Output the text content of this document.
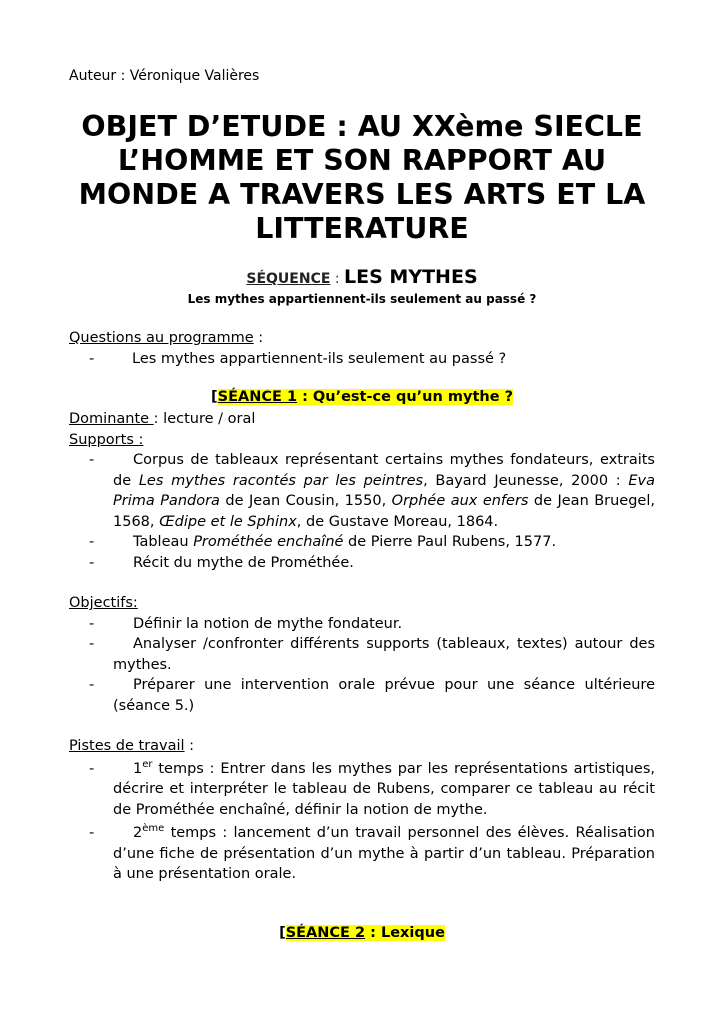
Auteur : Véronique Valières
OBJET D’ETUDE : AU XXème SIECLE
L’HOMME ET SON RAPPORT AU
MONDE A TRAVERS LES ARTS ET LA
LITTERATURE
SÉQUENCE : LES MYTHES
Les mythes appartiennent-ils seulement au passé ?
Questions au programme :
-	Les mythes appartiennent-ils seulement au passé ?
[SÉANCE 1 : Qu’est-ce qu’un mythe ?
Dominante : lecture / oral
Supports :
-	Corpus de tableaux représentant certains mythes fondateurs, extraits de Les mythes racontés par les peintres, Bayard Jeunesse, 2000 : Eva Prima Pandora de Jean Cousin, 1550, Orphée aux enfers de Jean Bruegel, 1568, Œdipe et le Sphinx, de Gustave Moreau, 1864.
-	Tableau Prométhée enchaîné de Pierre Paul Rubens, 1577.
-	Récit du mythe de Prométhée.
Objectifs:
-	Définir la notion de mythe fondateur.
-	Analyser /confronter différents supports (tableaux, textes) autour des mythes.
-	Préparer une intervention orale prévue pour une séance ultérieure (séance 5.)
Pistes de travail :
-	1er temps : Entrer dans les mythes par les représentations artistiques, décrire et interpréter le tableau de Rubens, comparer ce tableau au récit de Prométhée enchaîné, définir la notion de mythe.
-	2ème temps : lancement d’un travail personnel des élèves. Réalisation d’une fiche de présentation d’un mythe à partir d’un tableau. Préparation à une présentation orale.
[SÉANCE 2 : Lexique
